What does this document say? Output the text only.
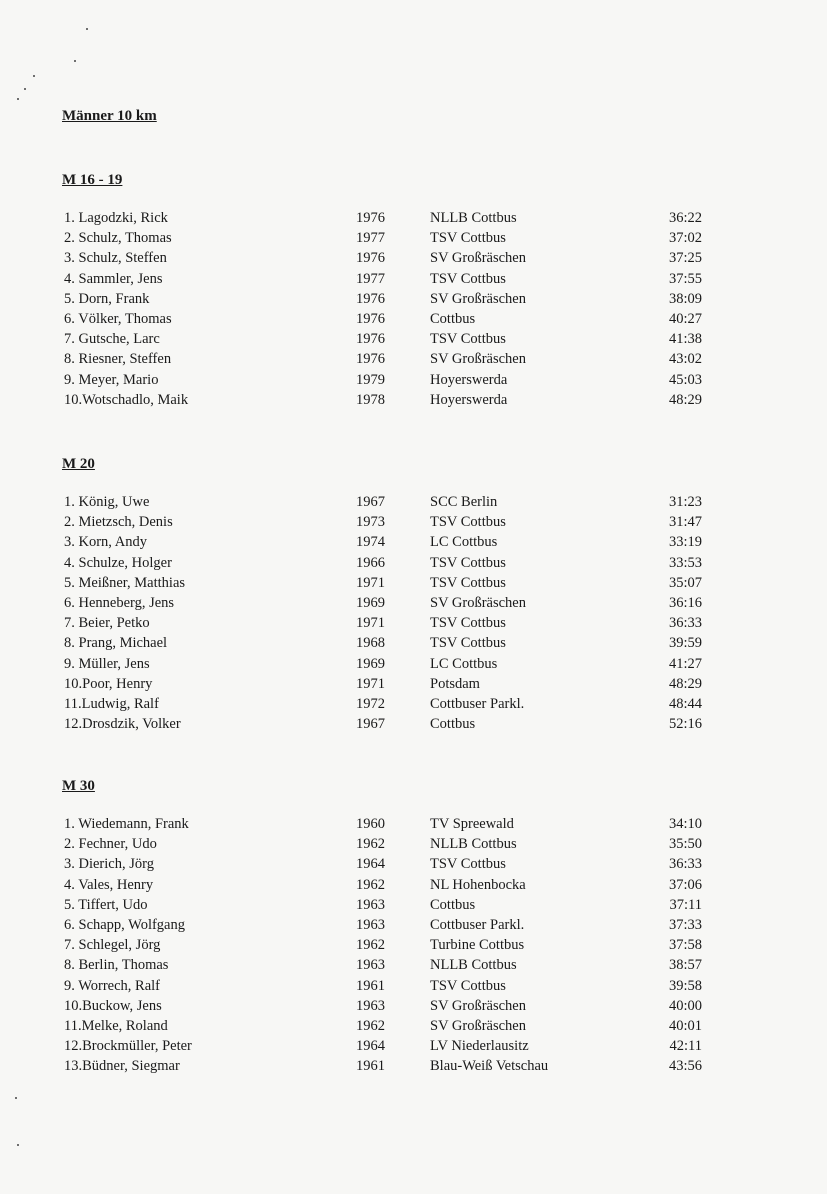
Männer 10 km
M 16 - 19
1. Lagodzki, Rick	1976	NLLB Cottbus	36:22
2. Schulz, Thomas	1977	TSV Cottbus	37:02
3. Schulz, Steffen	1976	SV Großräschen	37:25
4. Sammler, Jens	1977	TSV Cottbus	37:55
5. Dorn, Frank	1976	SV Großräschen	38:09
6. Völker, Thomas	1976	Cottbus	40:27
7. Gutsche, Larc	1976	TSV Cottbus	41:38
8. Riesner, Steffen	1976	SV Großräschen	43:02
9. Meyer, Mario	1979	Hoyerswerda	45:03
10.Wotschadlo, Maik	1978	Hoyerswerda	48:29
M 20
1. König, Uwe	1967	SCC Berlin	31:23
2. Mietzsch, Denis	1973	TSV Cottbus	31:47
3. Korn, Andy	1974	LC Cottbus	33:19
4. Schulze, Holger	1966	TSV Cottbus	33:53
5. Meißner, Matthias	1971	TSV Cottbus	35:07
6. Henneberg, Jens	1969	SV Großräschen	36:16
7. Beier, Petko	1971	TSV Cottbus	36:33
8. Prang, Michael	1968	TSV Cottbus	39:59
9. Müller, Jens	1969	LC Cottbus	41:27
10.Poor, Henry	1971	Potsdam	48:29
11.Ludwig, Ralf	1972	Cottbuser Parkl.	48:44
12.Drosdzik, Volker	1967	Cottbus	52:16
M 30
1. Wiedemann, Frank	1960	TV Spreewald	34:10
2. Fechner, Udo	1962	NLLB Cottbus	35:50
3. Dierich, Jörg	1964	TSV Cottbus	36:33
4. Vales, Henry	1962	NL Hohenbocka	37:06
5. Tiffert, Udo	1963	Cottbus	37:11
6. Schapp, Wolfgang	1963	Cottbuser Parkl.	37:33
7. Schlegel, Jörg	1962	Turbine Cottbus	37:58
8. Berlin, Thomas	1963	NLLB Cottbus	38:57
9. Worrech, Ralf	1961	TSV Cottbus	39:58
10.Buckow, Jens	1963	SV Großräschen	40:00
11.Melke, Roland	1962	SV Großräschen	40:01
12.Brockmüller, Peter	1964	LV Niederlausitz	42:11
13.Büdner, Siegmar	1961	Blau-Weiß Vetschau	43:56
